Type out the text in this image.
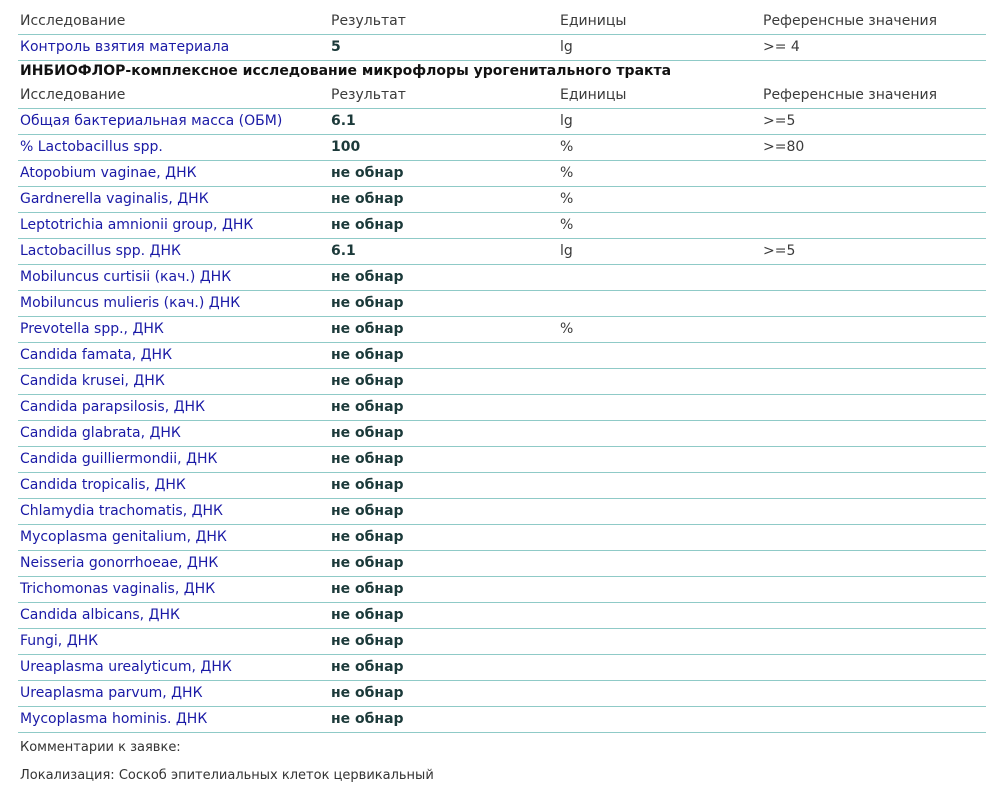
Исследование	Результат	Единицы	Референсные значения
Контроль взятия материала	5	lg	>= 4
ИНБИОФЛОР-комплексное исследование микрофлоры урогенитального тракта
Исследование	Результат	Единицы	Референсные значения
Общая бактериальная масса (ОБМ)	6.1	lg	>=5
% Lactobacillus spp.	100	%	>=80
Atopobium vaginae, ДНК	не обнар	%
Gardnerella vaginalis, ДНК	не обнар	%
Leptotrichia amnionii group, ДНК	не обнар	%
Lactobacillus spp. ДНК	6.1	lg	>=5
Mobiluncus curtisii (кач.) ДНК	не обнар
Mobiluncus mulieris (кач.) ДНК	не обнар
Prevotella spp., ДНК	не обнар	%
Candida famata, ДНК	не обнар
Candida krusei, ДНК	не обнар
Candida parapsilosis, ДНК	не обнар
Candida glabrata, ДНК	не обнар
Candida guilliermondii, ДНК	не обнар
Candida tropicalis, ДНК	не обнар
Chlamydia trachomatis, ДНК	не обнар
Mycoplasma genitalium, ДНК	не обнар
Neisseria gonorrhoeae, ДНК	не обнар
Trichomonas vaginalis, ДНК	не обнар
Candida albicans, ДНК	не обнар
Fungi, ДНК	не обнар
Ureaplasma urealyticum, ДНК	не обнар
Ureaplasma parvum, ДНК	не обнар
Mycoplasma hominis. ДНК	не обнар
Комментарии к заявке:
Локализация: Соскоб эпителиальных клеток цервикальный
